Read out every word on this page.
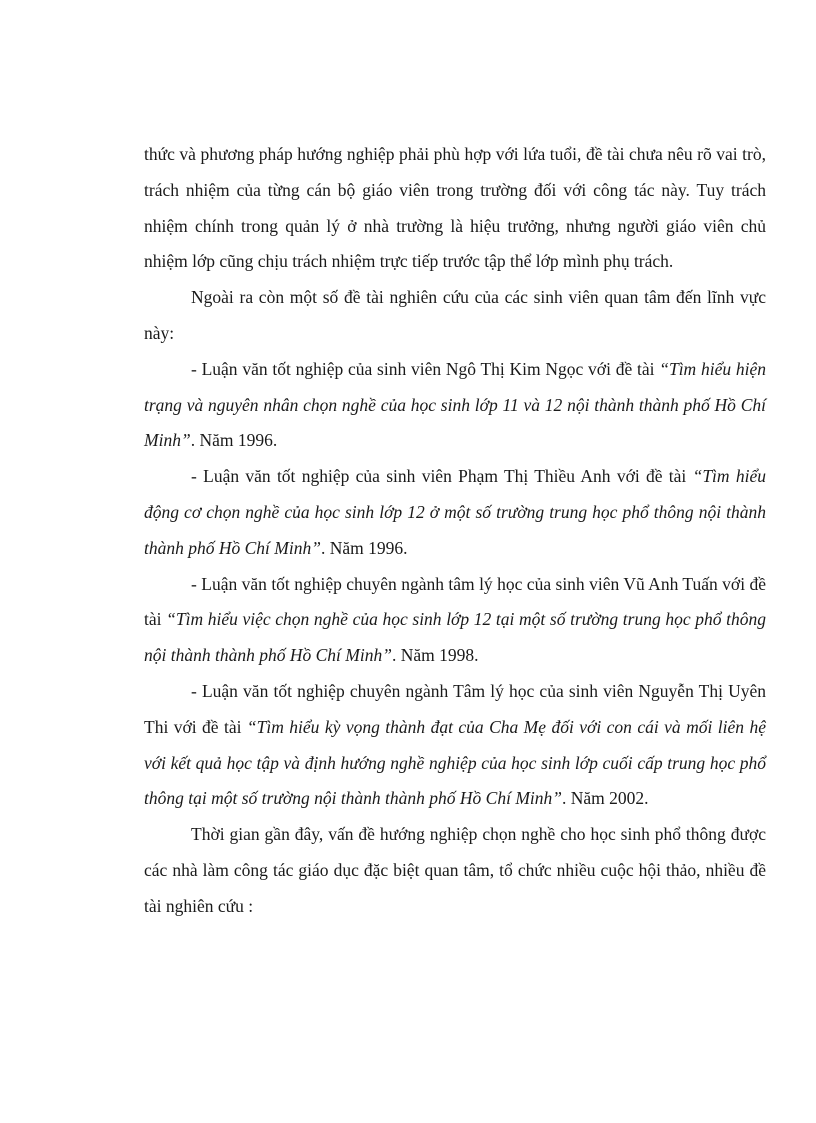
thức và phương pháp hướng nghiệp phải phù hợp với lứa tuổi, đề tài chưa nêu rõ vai trò, trách nhiệm của từng cán bộ giáo viên trong trường đối với công tác này. Tuy trách nhiệm chính trong quản lý ở nhà trường là hiệu trưởng, nhưng người giáo viên chủ nhiệm lớp cũng chịu trách nhiệm trực tiếp trước tập thể lớp mình phụ trách.

Ngoài ra còn một số đề tài nghiên cứu của các sinh viên quan tâm đến lĩnh vực này:

- Luận văn tốt nghiệp của sinh viên Ngô Thị Kim Ngọc với đề tài “Tìm hiểu hiện trạng và nguyên nhân chọn nghề của học sinh lớp 11 và 12 nội thành thành phố Hồ Chí Minh”. Năm 1996.

- Luận văn tốt nghiệp của sinh viên Phạm Thị Thiều Anh với đề tài “Tìm hiểu động cơ chọn nghề của học sinh lớp 12 ở một số trường trung học phổ thông nội thành thành phố Hồ Chí Minh”. Năm 1996.

- Luận văn tốt nghiệp chuyên ngành tâm lý học của sinh viên Vũ Anh Tuấn với đề tài “Tìm hiểu việc chọn nghề của học sinh lớp 12 tại một số trường trung học phổ thông nội thành thành phố Hồ Chí Minh”. Năm 1998.

- Luận văn tốt nghiệp chuyên ngành Tâm lý học của sinh viên Nguyễn Thị Uyên Thi với đề tài “Tìm hiểu kỳ vọng thành đạt của Cha Mẹ đối với con cái và mối liên hệ với kết quả học tập và định hướng nghề nghiệp của học sinh lớp cuối cấp trung học phổ thông tại một số trường nội thành thành phố Hồ Chí Minh”. Năm 2002.

Thời gian gần đây, vấn đề hướng nghiệp chọn nghề cho học sinh phổ thông được các nhà làm công tác giáo dục đặc biệt quan tâm, tổ chức nhiều cuộc hội thảo, nhiều đề tài nghiên cứu :
